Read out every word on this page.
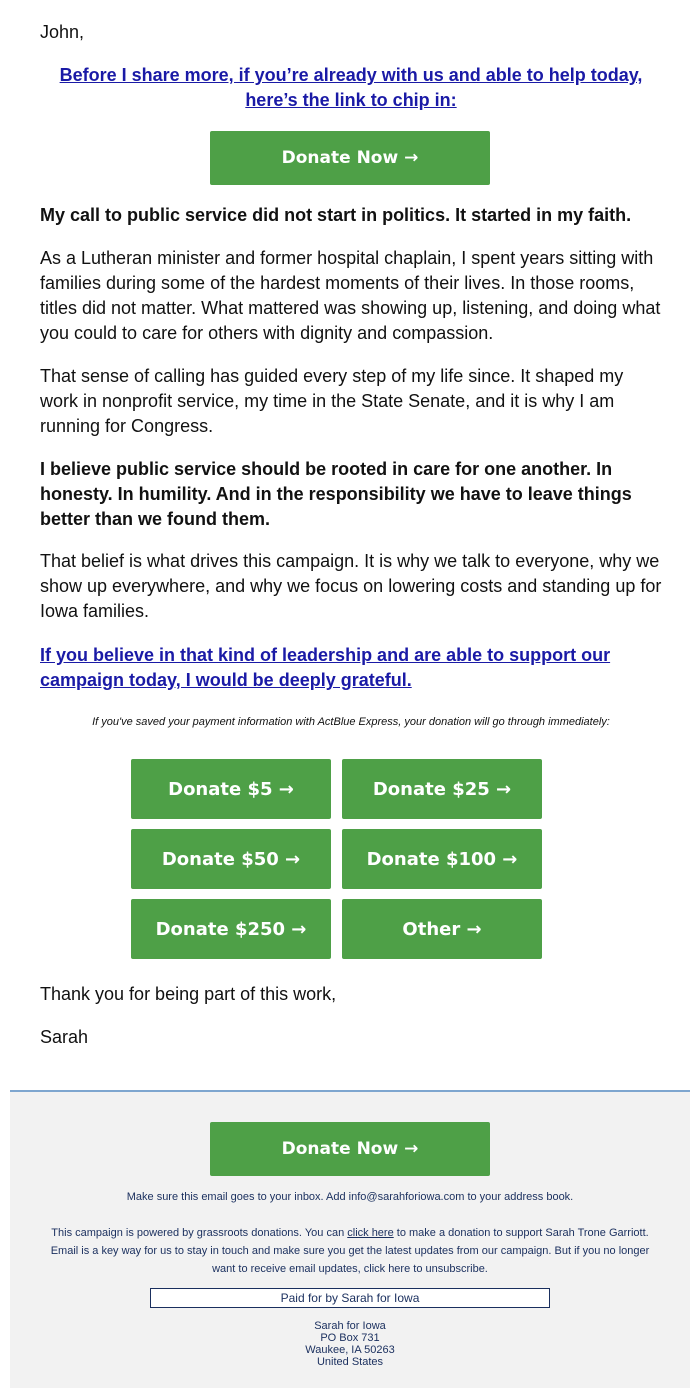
John,

Before I share more, if you’re already with us and able to help today, here’s the link to chip in:

Donate Now →

My call to public service did not start in politics. It started in my faith.

As a Lutheran minister and former hospital chaplain, I spent years sitting with families during some of the hardest moments of their lives. In those rooms, titles did not matter. What mattered was showing up, listening, and doing what you could to care for others with dignity and compassion.

That sense of calling has guided every step of my life since. It shaped my work in nonprofit service, my time in the State Senate, and it is why I am running for Congress.

I believe public service should be rooted in care for one another. In honesty. In humility. And in the responsibility we have to leave things better than we found them.

That belief is what drives this campaign. It is why we talk to everyone, why we show up everywhere, and why we focus on lowering costs and standing up for Iowa families.

If you believe in that kind of leadership and are able to support our campaign today, I would be deeply grateful.

If you've saved your payment information with ActBlue Express, your donation will go through immediately:

Donate $5 →	Donate $25 →
Donate $50 →	Donate $100 →
Donate $250 →	Other →

Thank you for being part of this work,

Sarah

Donate Now →

Make sure this email goes to your inbox. Add info@sarahforiowa.com to your address book.

This campaign is powered by grassroots donations. You can click here to make a donation to support Sarah Trone Garriott. Email is a key way for us to stay in touch and make sure you get the latest updates from our campaign. But if you no longer want to receive email updates, click here to unsubscribe.

Paid for by Sarah for Iowa
Sarah for Iowa
PO Box 731
Waukee, IA 50263
United States
